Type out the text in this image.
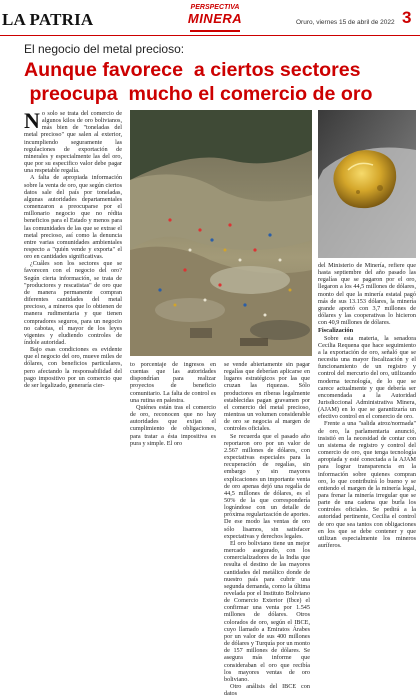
LA PATRIA
PERSPECTIVA
MINERA	Oruro, viernes 15 de abril de 2022 3
El negocio del metal precioso:
Aunque favorece  a ciertos sectores
preocupa  mucho el comercio de oro

No solo se trata del comercio de algunos kilos de oro bolivianos, más bien de "toneladas del metal precioso" que salen al exterior, incumpliendo seguramente las regulaciones de exportación de minerales y especialmente las del oro, que por su especifico valor debe pagar una respetable regalía.

A falta de apropiada información sobre la venta de oro, que según ciertos datos sale del país por toneladas, algunas autoridades departamentales comenzaron a preocuparse por el millonario negocio que no rédita beneficios para el Estado y menos para las comunidades de las que se extrae el metal precioso, así como la denuncia entre varias comunidades ambientales respecto a "quién vende y exporta" el oro en cantidades significativas.

¿Cuáles son los sectores que se favorecen con el negocio del oro? Según cierta información, se trata de "productores y rescatistas" de oro que de manera permanente compran diferentes cantidades del metal precioso, a mineros que lo obtienen de manera rudimentaria y que tienen compradores seguros, para un negocio no cabotas, el mayor de los leyes vigentes y eludiendo controles de índole autoridad.

Bajo esas condiciones es evidente que el negocio del oro, mueve miles de dólares, con beneficios particulares, pero afectando la responsabilidad del pago impositivo por un comercio que de ser legalizado, generaría cier-

to porcentaje de ingresos en cuentas que las autoridades dispondrían para realizar proyectos de beneficio comunitario. La falta de control es una rutina en palestra.

Quiénes están tras el comercio de oro, reconocen que no hay autoridades que exijan el cumplimiento de obligaciones, para tratar a ésta impositiva es pura y simple. El oro

se vende abiertamente sin pagar regalías que deberían aplicarse en lugares estratégicos por las que cruzan las riquezas. Sólo productores en riberas legalmente establecidas pagan gravamen por el comercio del metal precioso, mientras un volumen considerable de oro se negocia al margen de controles oficiales.

Se recuerda que el pasado año reportaron oro por un valor de 2.567 millones de dólares, con expectativas especiales para la recuperación de regalías, sin embargo y sin mayores explicaciones un importante venta de oro apenas dejó una regalía de 44,5 millones de dólares, es el 50% de la que correspondería lográndose con un detalle de próxima regularización de aportes. De ese modo las ventas de oro sólo lisamos, sin satisfacer expectativas y derechos legales.

El oro boliviano tiene un mejor mercado asegurado, con los comercializadores de la India que resulta el destino de las mayores cantidades del metálico donde de nuestro país para cubrir una segunda demanda, como la última revelada por el Instituto Boliviano de Comercio Exterior (Ibce) el confirmar una venta por 1.545 millones de dólares. Otros colorados de oro, según el IBCE, cuyo llamado a Emiratos Árabes por un valor de sus 400 millones de dólares y Turquía por un monto de 157 millones de dólares. Se asegura más informe que consideraban el oro que recibía los mayores ventas de oro boliviano.

Otro análisis del IBCE con datos

del Ministerio de Minería, refiere que hasta septiembre del año pasado las regalías que se pagaron por el oro, llegaron a los 44,5 millones de dólares, monto del que la minería estatal pagó más de sus 13.153 dólares, la minería grande aportó con 3,7 millones de dólares y las cooperativas lo hicieron con 40,9 millones de dólares.

Fiscalización

Sobre esta materia, la senadora Cecilia Requena que hace seguimiento a la exportación de oro, señaló que se necesita una mayor fiscalización y el funcionamiento de un registro y control del mercurio del oro, utilizando moderna tecnología, de lo que se carece actualmente y que debería ser encomendada a la Autoridad Jurisdiccional Administrativa Minera, (AJAM) en lo que se garantizaría un efectivo control en el comercio de oro.

Frente a una "salida atroz/normada" de oro, la parlamentaria anunció, insistió en la necesidad de contar con un sistema de registro y control del comercio de oro, que tenga tecnología apropiada y esté conectada a la AJAM para lograr transparencia en la información sobre quienes compran oro, lo que contribuirá lo bueno y se entiendo el margen de la minería legal, para frenar la minería irregular que se parte de una cadena que burla los controles oficiales. Se pedirá a la autoridad pertinente, Cecilia el control de oro que sea tantos con obligaciones en los que se debe contener y que utilizan especialmente los mineros auríferos.
